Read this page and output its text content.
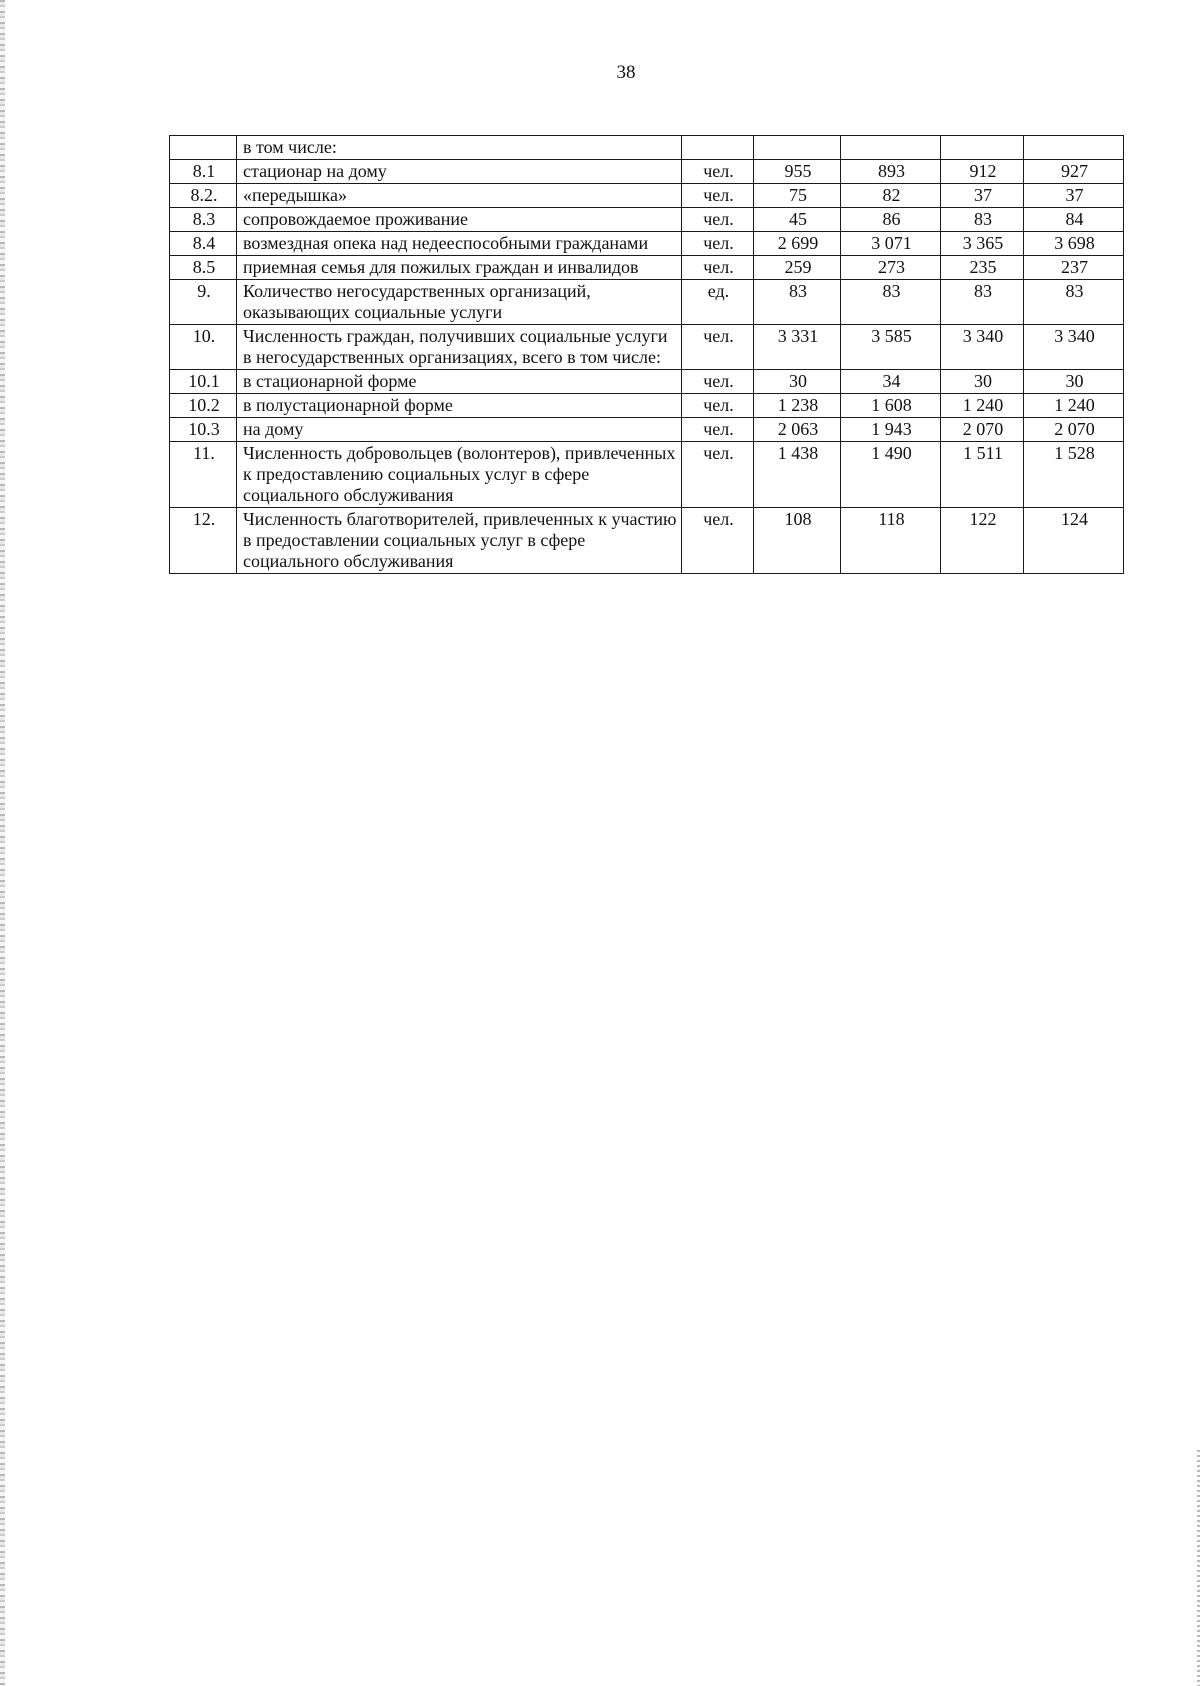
38
	в том числе:					
8.1	стационар на дому	чел.	955	893	912	927
8.2.	«передышка»	чел.	75	82	37	37
8.3	сопровождаемое проживание	чел.	45	86	83	84
8.4	возмездная опека над недееспособными гражданами	чел.	2 699	3 071	3 365	3 698
8.5	приемная семья для пожилых граждан и инвалидов	чел.	259	273	235	237
9.	Количество негосударственных организаций, оказывающих социальные услуги	ед.	83	83	83	83
10.	Численность граждан, получивших социальные услуги в негосударственных организациях, всего в том числе:	чел.	3 331	3 585	3 340	3 340
10.1	в стационарной форме	чел.	30	34	30	30
10.2	в полустационарной форме	чел.	1 238	1 608	1 240	1 240
10.3	на дому	чел.	2 063	1 943	2 070	2 070
11.	Численность добровольцев (волонтеров), привлеченных к предоставлению социальных услуг в сфере социального обслуживания	чел.	1 438	1 490	1 511	1 528
12.	Численность благотворителей, привлеченных к участию в предоставлении социальных услуг в сфере социального обслуживания	чел.	108	118	122	124
